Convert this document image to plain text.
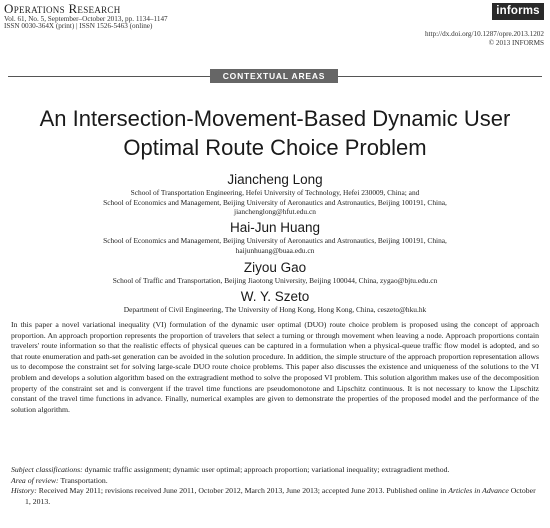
Operations Research
Vol. 61, No. 5, September–October 2013, pp. 1134–1147
ISSN 0030-364X (print) | ISSN 1526-5463 (online)
informs
http://dx.doi.org/10.1287/opre.2013.1202
© 2013 INFORMS
CONTEXTUAL AREAS
An Intersection-Movement-Based Dynamic User
Optimal Route Choice Problem
Jiancheng Long
School of Transportation Engineering, Hefei University of Technology, Hefei 230009, China; and
School of Economics and Management, Beijing University of Aeronautics and Astronautics, Beijing 100191, China,
jianchenglong@hfut.edu.cn
Hai-Jun Huang
School of Economics and Management, Beijing University of Aeronautics and Astronautics, Beijing 100191, China,
haijunhuang@buaa.edu.cn
Ziyou Gao
School of Traffic and Transportation, Beijing Jiaotong University, Beijing 100044, China, zygao@bjtu.edu.cn
W. Y. Szeto
Department of Civil Engineering, The University of Hong Kong, Hong Kong, China, ceszeto@hku.hk
In this paper a novel variational inequality (VI) formulation of the dynamic user optimal (DUO) route choice problem is proposed using the concept of approach proportion. An approach proportion represents the proportion of travelers that select a turning or through movement when leaving a node. Approach proportions contain travelers' route information so that the realistic effects of physical queues can be captured in a formulation when a physical-queue traffic flow model is adopted, and so that route enumeration and path-set generation can be avoided in the solution procedure. In addition, the simple structure of the approach proportion representation allows us to decompose the constraint set for solving large-scale DUO route choice problems. This paper also discusses the existence and uniqueness of the solutions to the VI problem and develops a solution algorithm based on the extragradient method to solve the proposed VI problem. This solution algorithm makes use of the decomposition property of the constraint set and is convergent if the travel time functions are pseudomonotone and Lipschitz continuous. It is not necessary to know the Lipschitz constant of the travel time functions in advance. Finally, numerical examples are given to demonstrate the properties of the proposed model and the performance of the solution algorithm.
Subject classifications: dynamic traffic assignment; dynamic user optimal; approach proportion; variational inequality; extragradient method.
Area of review: Transportation.
History: Received May 2011; revisions received June 2011, October 2012, March 2013, June 2013; accepted June 2013. Published online in Articles in Advance October 1, 2013.
